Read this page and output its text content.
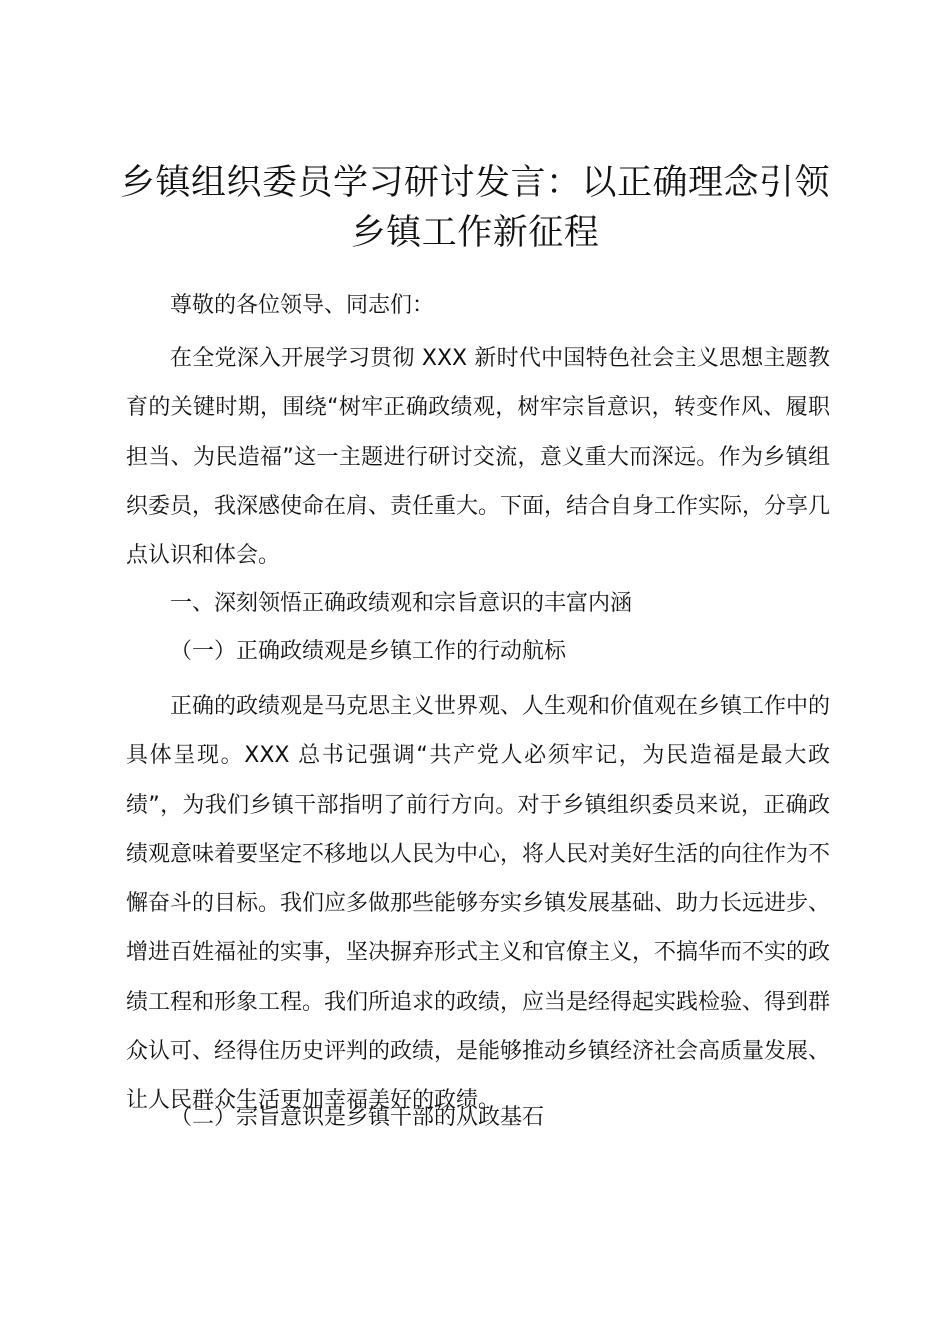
乡镇组织委员学习研讨发言：以正确理念引领
乡镇工作新征程

尊敬的各位领导、同志们：

在全党深入开展学习贯彻 XXX 新时代中国特色社会主义思想主题教育的关键时期，围绕“树牢正确政绩观，树牢宗旨意识，转变作风、履职担当、为民造福”这一主题进行研讨交流，意义重大而深远。作为乡镇组织委员，我深感使命在肩、责任重大。下面，结合自身工作实际，分享几点认识和体会。

一、深刻领悟正确政绩观和宗旨意识的丰富内涵

（一）正确政绩观是乡镇工作的行动航标

正确的政绩观是马克思主义世界观、人生观和价值观在乡镇工作中的具体呈现。XXX 总书记强调“共产党人必须牢记，为民造福是最大政绩”，为我们乡镇干部指明了前行方向。对于乡镇组织委员来说，正确政绩观意味着要坚定不移地以人民为中心，将人民对美好生活的向往作为不懈奋斗的目标。我们应多做那些能够夯实乡镇发展基础、助力长远进步、增进百姓福祉的实事，坚决摒弃形式主义和官僚主义，不搞华而不实的政绩工程和形象工程。我们所追求的政绩，应当是经得起实践检验、得到群众认可、经得住历史评判的政绩，是能够推动乡镇经济社会高质量发展、让人民群众生活更加幸福美好的政绩。

（二）宗旨意识是乡镇干部的从政基石
